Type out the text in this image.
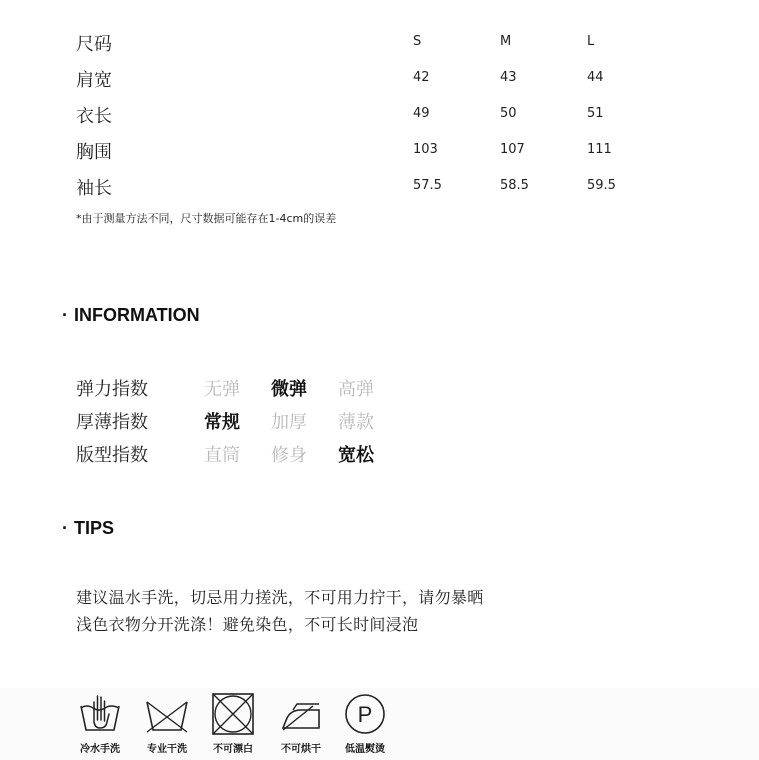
尺码	S	M	L
肩宽	42	43	44
衣长	49	50	51
胸围	103	107	111
袖长	57.5	58.5	59.5
*由于测量方法不同，尺寸数据可能存在1-4cm的误差
· INFORMATION
弹力指数	无弹 微弹 高弹
厚薄指数	常规 加厚 薄款
版型指数	直筒 修身 宽松
· TIPS
建议温水手洗，切忌用力搓洗，不可用力拧干，请勿暴晒
浅色衣物分开洗涤！避免染色，不可长时间浸泡
P
冷水手洗	专业干洗	不可漂白	不可烘干	低温熨烫
